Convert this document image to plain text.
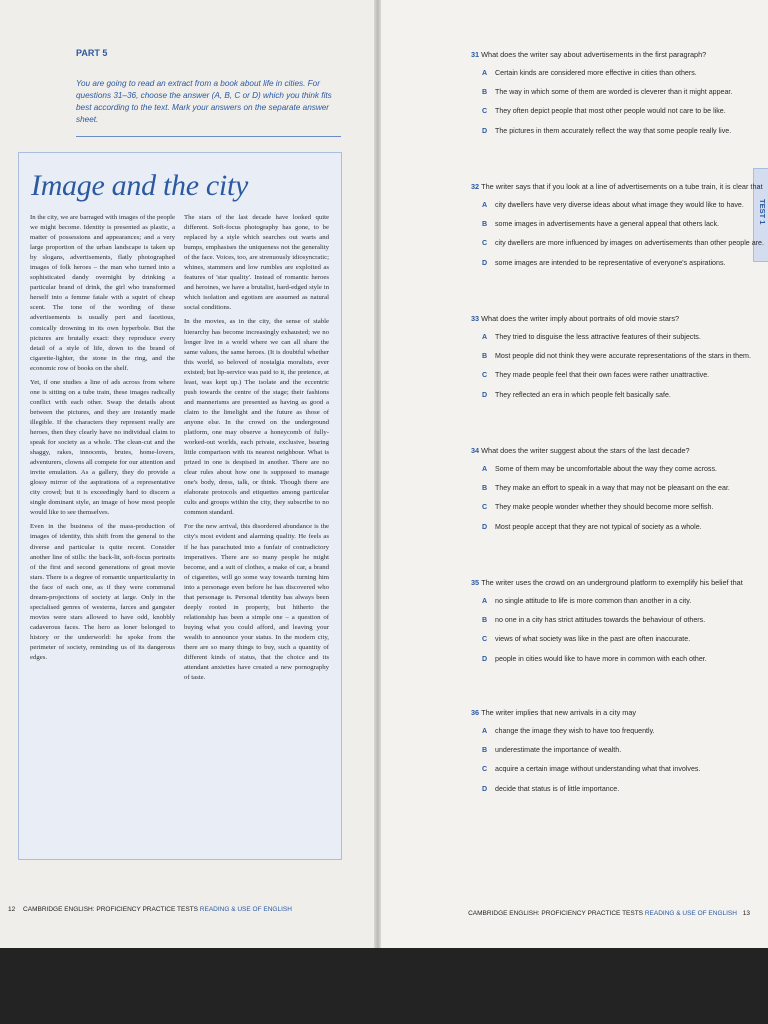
PART 5
You are going to read an extract from a book about life in cities. For questions 31–36, choose the answer (A, B, C or D) which you think fits best according to the text. Mark your answers on the separate answer sheet.
Image and the city

In the city, we are barraged with images of the people we might become. Identity is presented as plastic, a matter of possessions and appearances; and a very large proportion of the urban landscape is taken up by slogans, advertisements, flatly photographed images of folk heroes – the man who turned into a sophisticated dandy overnight by drinking a particular brand of drink, the girl who transformed herself into a femme fatale with a squirt of cheap scent. The tone of the wording of these advertisements is usually pert and facetious, comically drowning in its own hyperbole. But the pictures are brutally exact: they reproduce every detail of a style of life, down to the brand of cigarette-lighter, the stone in the ring, and the economic row of books on the shelf.

Yet, if one studies a line of ads across from where one is sitting on a tube train, these images radically conflict with each other. Swap the details about between the pictures, and they are instantly made illegible. If the characters they represent really are heroes, then they clearly have no individual claim to speak for society as a whole. The clean-cut and the shaggy, rakes, innocents, brutes, home-lovers, adventurers, clowns all compete for our attention and invite emulation. As a gallery, they do provide a glossy mirror of the aspirations of a representative city crowd; but it is exceedingly hard to discern a single dominant style, an image of how most people would like to see themselves.

Even in the business of the mass-production of images of identity, this shift from the general to the diverse and particular is quite recent. Consider another line of stills: the back-lit, soft-focus portraits of the first and second generations of great movie stars. There is a degree of romantic unparticularity in the face of each one, as if they were communal dream-projections of society at large. Only in the specialised genres of westerns, farces and gangster movies were stars allowed to have odd, knobbly cadaverous faces. The hero as loner belonged to history or the underworld: he spoke from the perimeter of society, reminding us of its dangerous edges.

The stars of the last decade have looked quite different. Soft-focus photography has gone, to be replaced by a style which searches out warts and bumps, emphasises the uniqueness not the generality of the face. Voices, too, are strenuously idiosyncratic; whines, stammers and low rumbles are exploited as features of 'star quality'. Instead of romantic heroes and heroines, we have a brutalist, hard-edged style in which isolation and egotism are assumed as natural social conditions.

In the movies, as in the city, the sense of stable hierarchy has become increasingly exhausted; we no longer live in a world where we can all share the same values, the same heroes. (It is doubtful whether this world, so beloved of nostalgia moralists, ever existed; but lip-service was paid to it, the pretence, at least, was kept up.) The isolate and the eccentric push towards the centre of the stage; their fashions and mannerisms are presented as having as good a claim to the limelight and the future as those of anyone else. In the crowd on the underground platform, one may observe a honeycomb of fully-worked-out worlds, each private, exclusive, bearing little comparison with its nearest neighbour. What is prized in one is despised in another. There are no clear rules about how one is supposed to manage one's body, dress, talk, or think. Though there are elaborate protocols and etiquettes among particular cults and groups within the city, they subscribe to no common standard.

For the new arrival, this disordered abundance is the city's most evident and alarming quality. He feels as if he has parachuted into a funfair of contradictory imperatives. There are so many people he might become, and a suit of clothes, a make of car, a brand of cigarettes, will go some way towards turning him into a personage even before he has discovered who that personage is. Personal identity has always been deeply rooted in property, but hitherto the relationship has been a simple one – a question of buying what you could afford, and leaving your wealth to announce your status. In the modern city, there are so many things to buy, such a quantity of different kinds of status, that the choice and its attendant anxieties have created a new pornography of taste.

12 CAMBRIDGE ENGLISH: PROFICIENCY PRACTICE TESTS READING & USE OF ENGLISH
TEST 1
31 What does the writer say about advertisements in the first paragraph?
A Certain kinds are considered more effective in cities than others.
B The way in which some of them are worded is cleverer than it might appear.
C They often depict people that most other people would not care to be like.
D The pictures in them accurately reflect the way that some people really live.
32 The writer says that if you look at a line of advertisements on a tube train, it is clear that
A city dwellers have very diverse ideas about what image they would like to have.
B some images in advertisements have a general appeal that others lack.
C city dwellers are more influenced by images on advertisements than other people are.
D some images are intended to be representative of everyone's aspirations.
33 What does the writer imply about portraits of old movie stars?
A They tried to disguise the less attractive features of their subjects.
B Most people did not think they were accurate representations of the stars in them.
C They made people feel that their own faces were rather unattractive.
D They reflected an era in which people felt basically safe.
34 What does the writer suggest about the stars of the last decade?
A Some of them may be uncomfortable about the way they come across.
B They make an effort to speak in a way that may not be pleasant on the ear.
C They make people wonder whether they should become more selfish.
D Most people accept that they are not typical of society as a whole.
35 The writer uses the crowd on an underground platform to exemplify his belief that
A no single attitude to life is more common than another in a city.
B no one in a city has strict attitudes towards the behaviour of others.
C views of what society was like in the past are often inaccurate.
D people in cities would like to have more in common with each other.
36 The writer implies that new arrivals in a city may
A change the image they wish to have too frequently.
B underestimate the importance of wealth.
C acquire a certain image without understanding what that involves.
D decide that status is of little importance.
CAMBRIDGE ENGLISH: PROFICIENCY PRACTICE TESTS READING & USE OF ENGLISH 13
